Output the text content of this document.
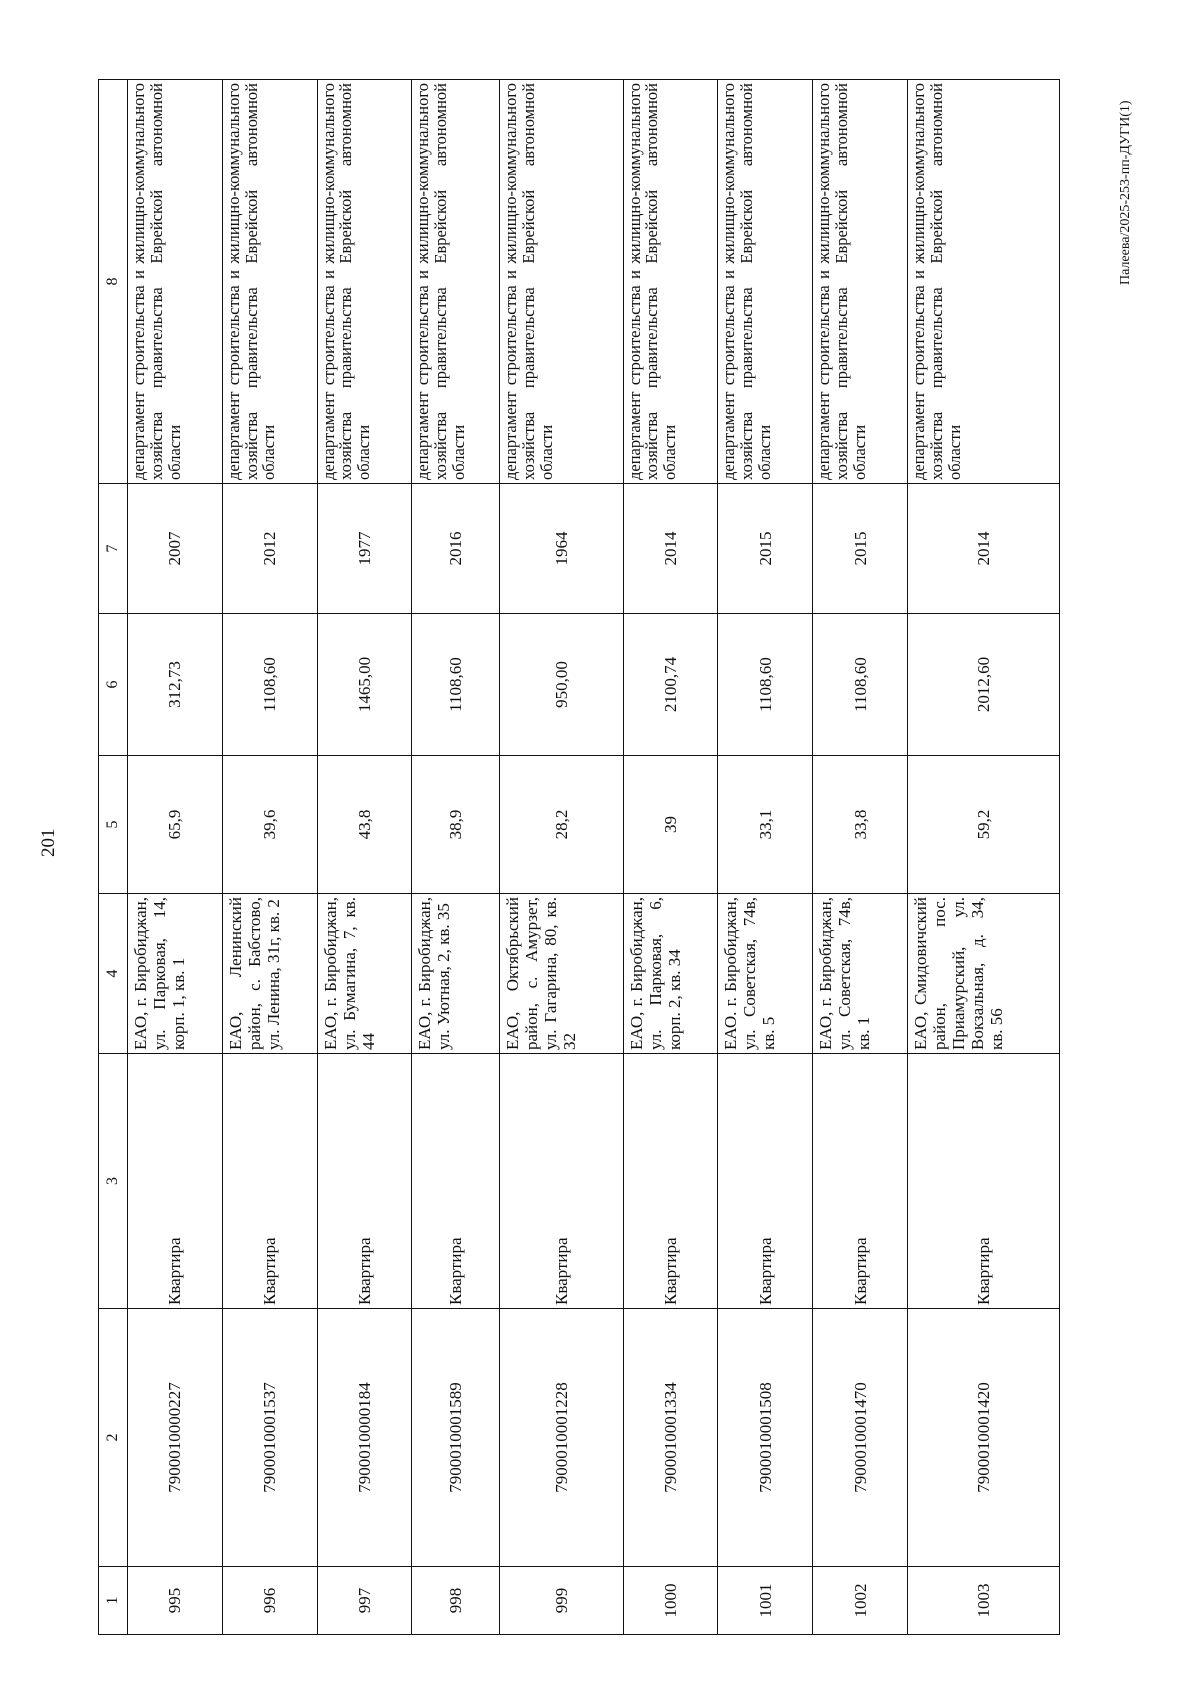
201
Палеева/2025-253-пп-ДУГИ(1)
1	2	3	4	5	6	7	8
995	7900010000227	Квартира	ЕАО, г. Биробиджан, ул. Парковая, 14, корп. 1, кв. 1	65,9	312,73	2007	департамент строительства и жилищно-коммунального хозяйства правительства Еврейской автономной области
996	7900010001537	Квартира	ЕАО, Ленинский район, с. Бабстово, ул. Ленина, 31г, кв. 2	39,6	1108,60	2012	департамент строительства и жилищно-коммунального хозяйства правительства Еврейской автономной области
997	7900010000184	Квартира	ЕАО, г. Биробиджан, ул. Бумагина, 7, кв. 44	43,8	1465,00	1977	департамент строительства и жилищно-коммунального хозяйства правительства Еврейской автономной области
998	7900010001589	Квартира	ЕАО, г. Биробиджан, ул. Уютная, 2, кв. 35	38,9	1108,60	2016	департамент строительства и жилищно-коммунального хозяйства правительства Еврейской автономной области
999	7900010001228	Квартира	ЕАО, Октябрьский район, с. Амурзет, ул. Гагарина, 80, кв. 32	28,2	950,00	1964	департамент строительства и жилищно-коммунального хозяйства правительства Еврейской автономной области
1000	7900010001334	Квартира	ЕАО, г. Биробиджан, ул. Парковая, 6, корп. 2, кв. 34	39	2100,74	2014	департамент строительства и жилищно-коммунального хозяйства правительства Еврейской автономной области
1001	7900010001508	Квартира	ЕАО. г. Биробиджан, ул. Советская, 74в, кв. 5	33,1	1108,60	2015	департамент строительства и жилищно-коммунального хозяйства правительства Еврейской автономной области
1002	7900010001470	Квартира	ЕАО, г. Биробиджан, ул. Советская, 74в, кв. 1	33,8	1108,60	2015	департамент строительства и жилищно-коммунального хозяйства правительства Еврейской автономной области
1003	7900010001420	Квартира	ЕАО, Смидовичский район, пос. Приамурский, ул. Вокзальная, д. 34, кв. 56	59,2	2012,60	2014	департамент строительства и жилищно-коммунального хозяйства правительства Еврейской автономной области
